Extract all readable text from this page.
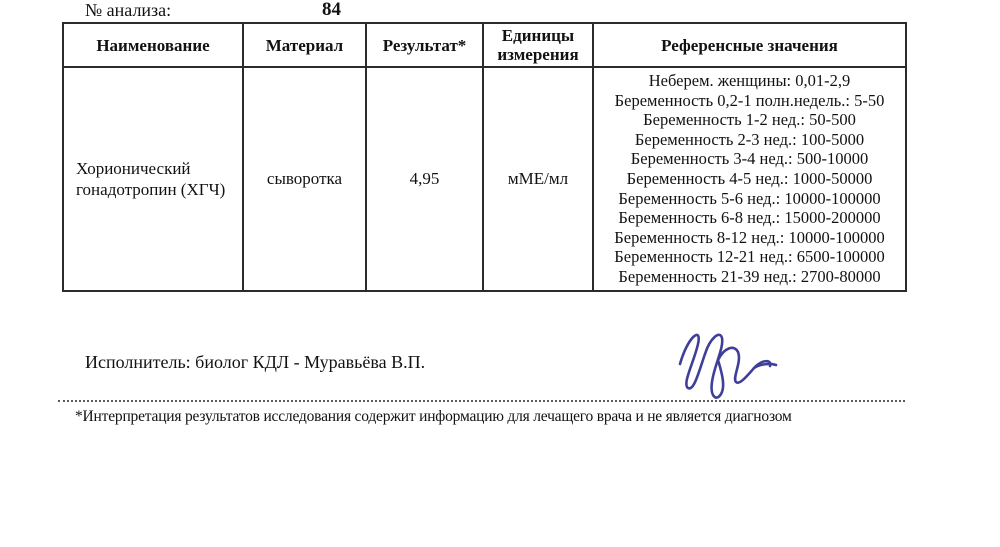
№ анализа:	84
Наименование	Материал	Результат*	Единицы измерения	Референсные значения
Хорионический гонадотропин (ХГЧ)	сыворотка	4,95	мМЕ/мл	
Неберем. женщины: 0,01-2,9
Беременность 0,2-1 полн.недель.: 5-50
Беременность 1-2 нед.: 50-500
Беременность 2-3 нед.: 100-5000
Беременность 3-4 нед.: 500-10000
Беременность 4-5 нед.: 1000-50000
Беременность 5-6 нед.: 10000-100000
Беременность 6-8 нед.: 15000-200000
Беременность 8-12 нед.: 10000-100000
Беременность 12-21 нед.: 6500-100000
Беременность 21-39 нед.: 2700-80000
Исполнитель: биолог КДЛ - Муравьёва В.П.
*Интерпретация результатов исследования содержит информацию для лечащего врача и не является диагнозом
